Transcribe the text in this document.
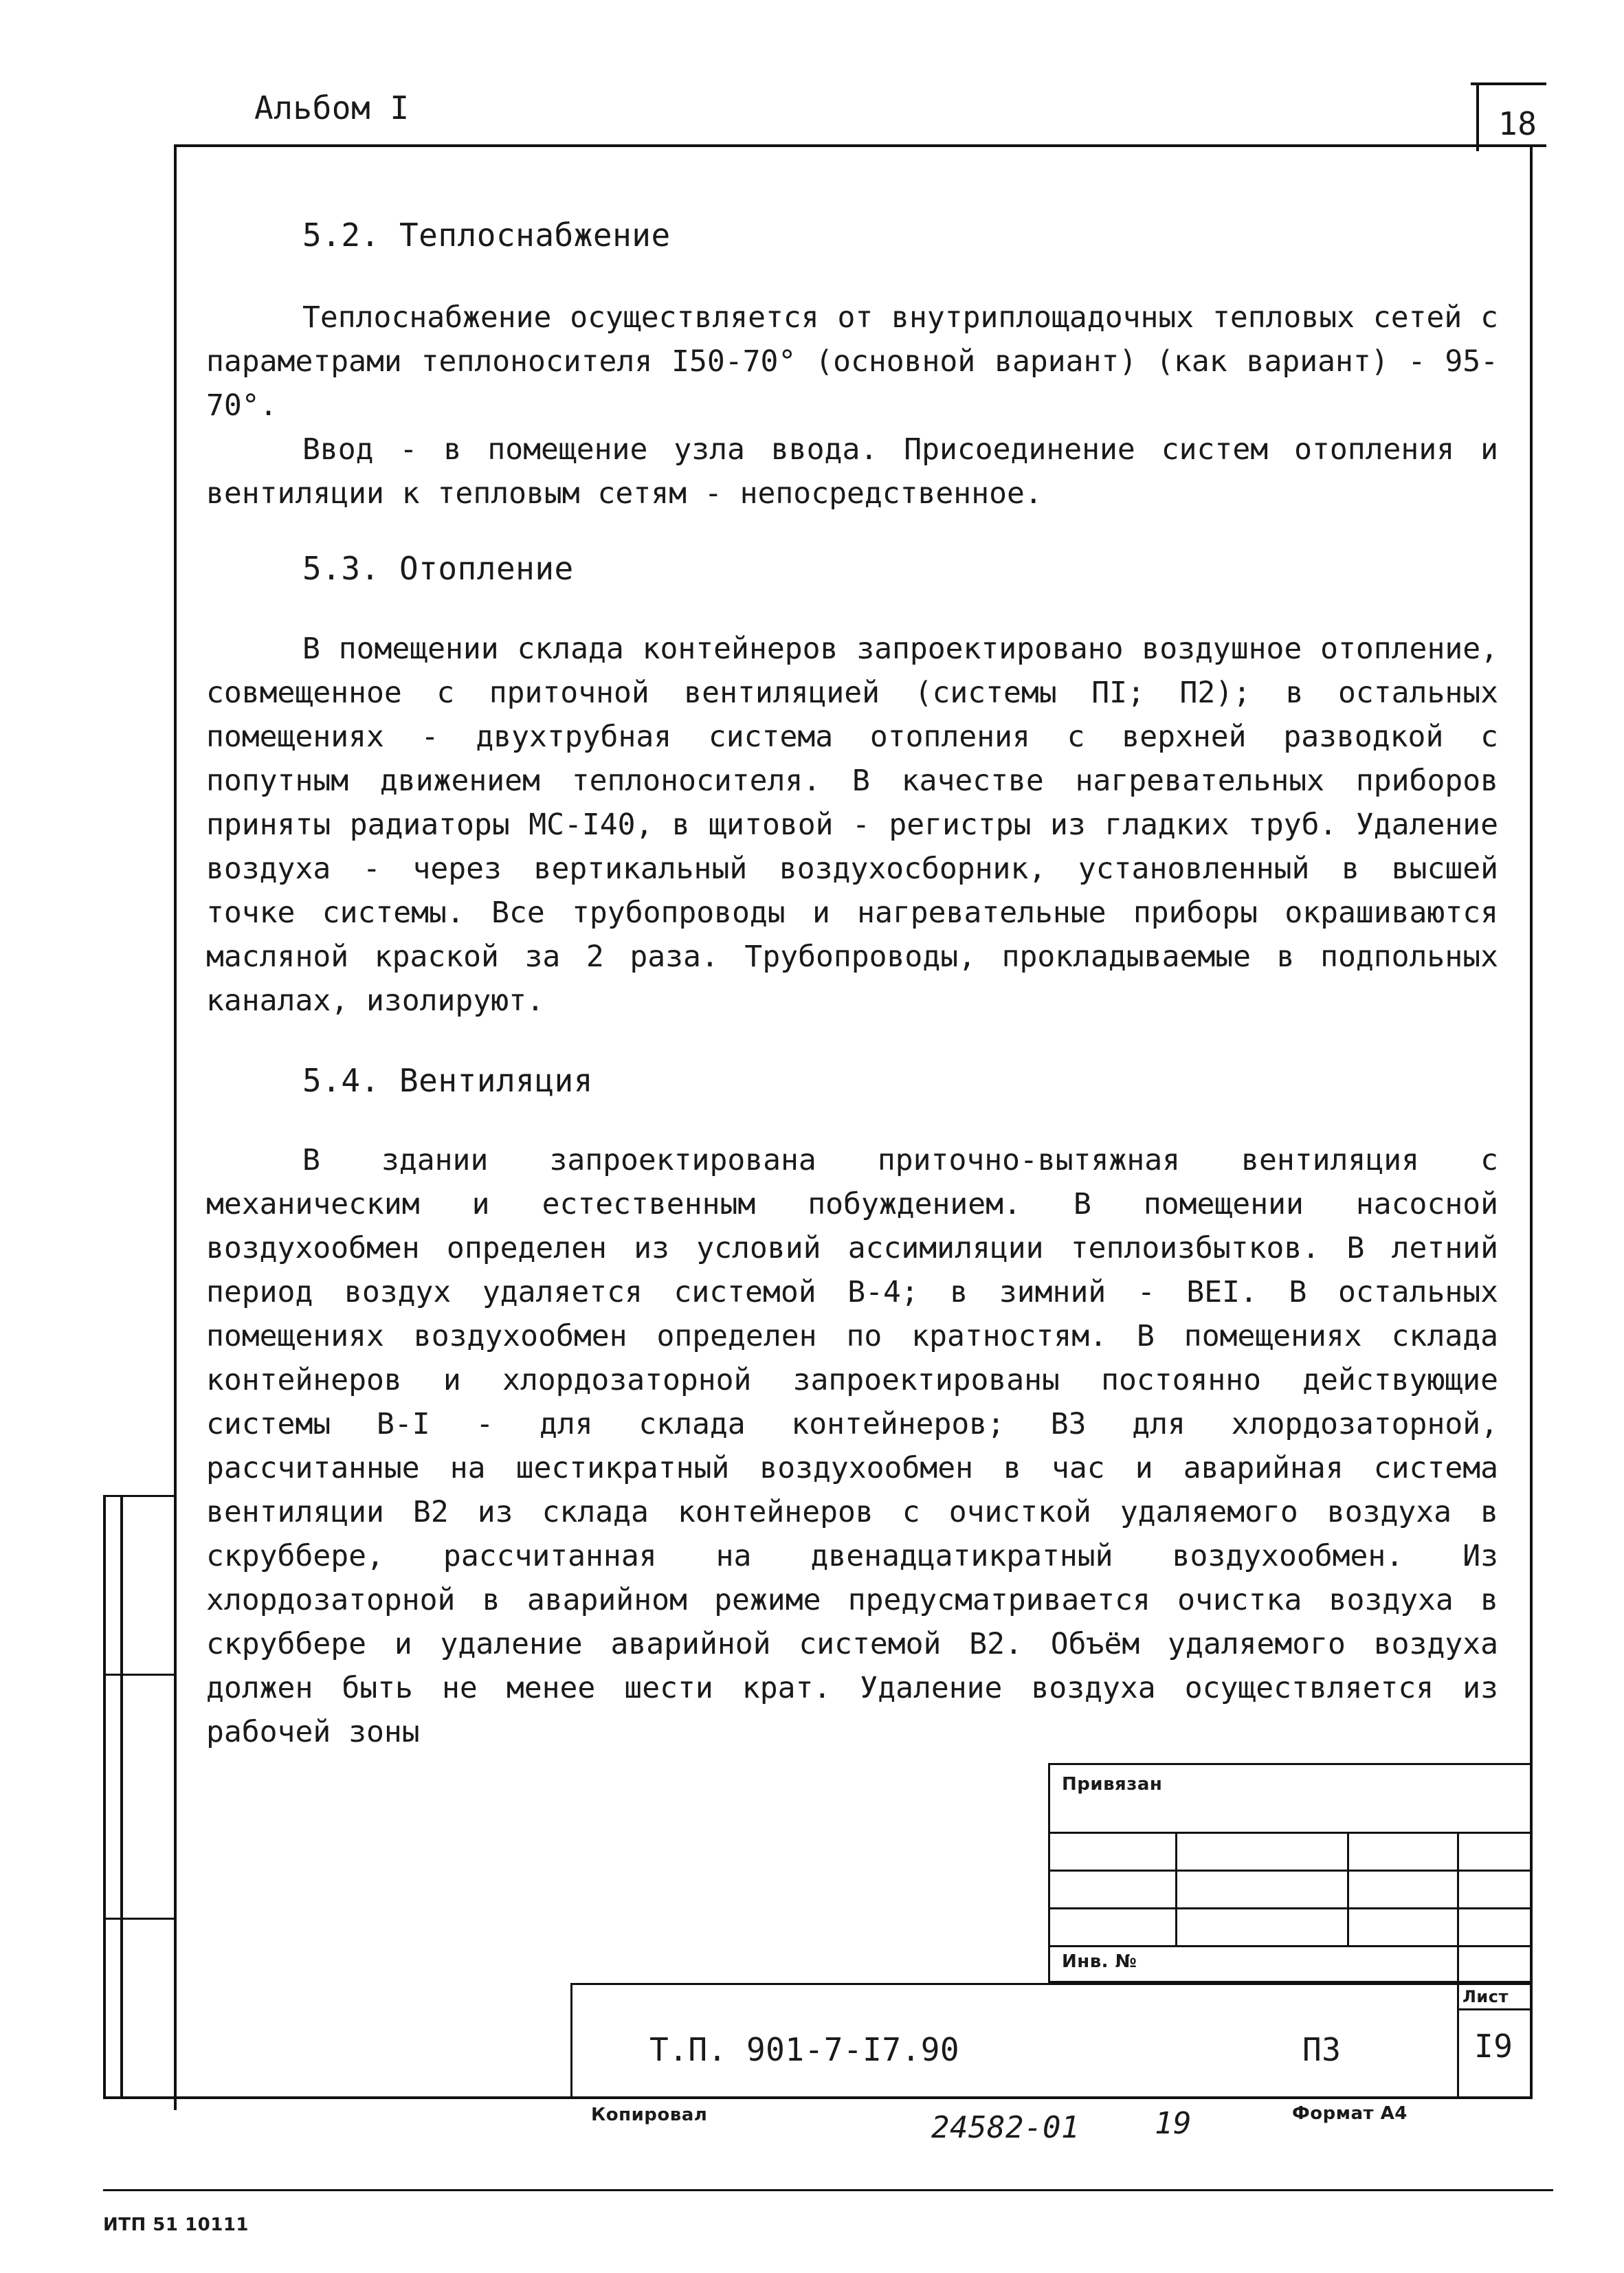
Альбом I	18
5.2. Теплоснабжение
Теплоснабжение осуществляется от внутриплощадочных тепловых сетей с параметрами теплоносителя I50-70° (основной вариант) (как вариант) - 95-70°.
Ввод - в помещение узла ввода. Присоединение систем отопления и вентиляции к тепловым сетям - непосредственное.
5.3. Отопление
В помещении склада контейнеров запроектировано воздушное отопление, совмещенное с приточной вентиляцией (системы ПI; П2); в остальных помещениях - двухтрубная система отопления с верхней разводкой с попутным движением теплоносителя. В качестве нагревательных приборов приняты радиаторы МС-I40, в щитовой - регистры из гладких труб. Удаление воздуха - через вертикальный воздухосборник, установленный в высшей точке системы. Все трубопроводы и нагревательные приборы окрашиваются масляной краской за 2 раза. Трубопроводы, прокладываемые в подпольных каналах, изолируют.
5.4. Вентиляция
В здании запроектирована приточно-вытяжная вентиляция с механическим и естественным побуждением. В помещении насосной воздухообмен определен из условий ассимиляции теплоизбытков. В летний период воздух удаляется системой В-4; в зимний - ВЕI. В остальных помещениях воздухообмен определен по кратностям. В помещениях склада контейнеров и хлордозаторной запроектированы постоянно действующие системы В-I - для склада контейнеров; В3 для хлордозаторной, рассчитанные на шестикратный воздухообмен в час и аварийная система вентиляции В2 из склада контейнеров с очисткой удаляемого воздуха в скруббере, рассчитанная на двенадцатикратный воздухообмен. Из хлордозаторной в аварийном режиме предусматривается очистка воздуха в скруббере и удаление аварийной системой В2. Объём удаляемого воздуха должен быть не менее шести крат. Удаление воздуха осуществляется из рабочей зоны
Привязан
Инв. №
Лист
Т.П. 901-7-I7.90	ПЗ	I9
Копировал	24582-01 19	Формат А4
ИТП 51 10111
